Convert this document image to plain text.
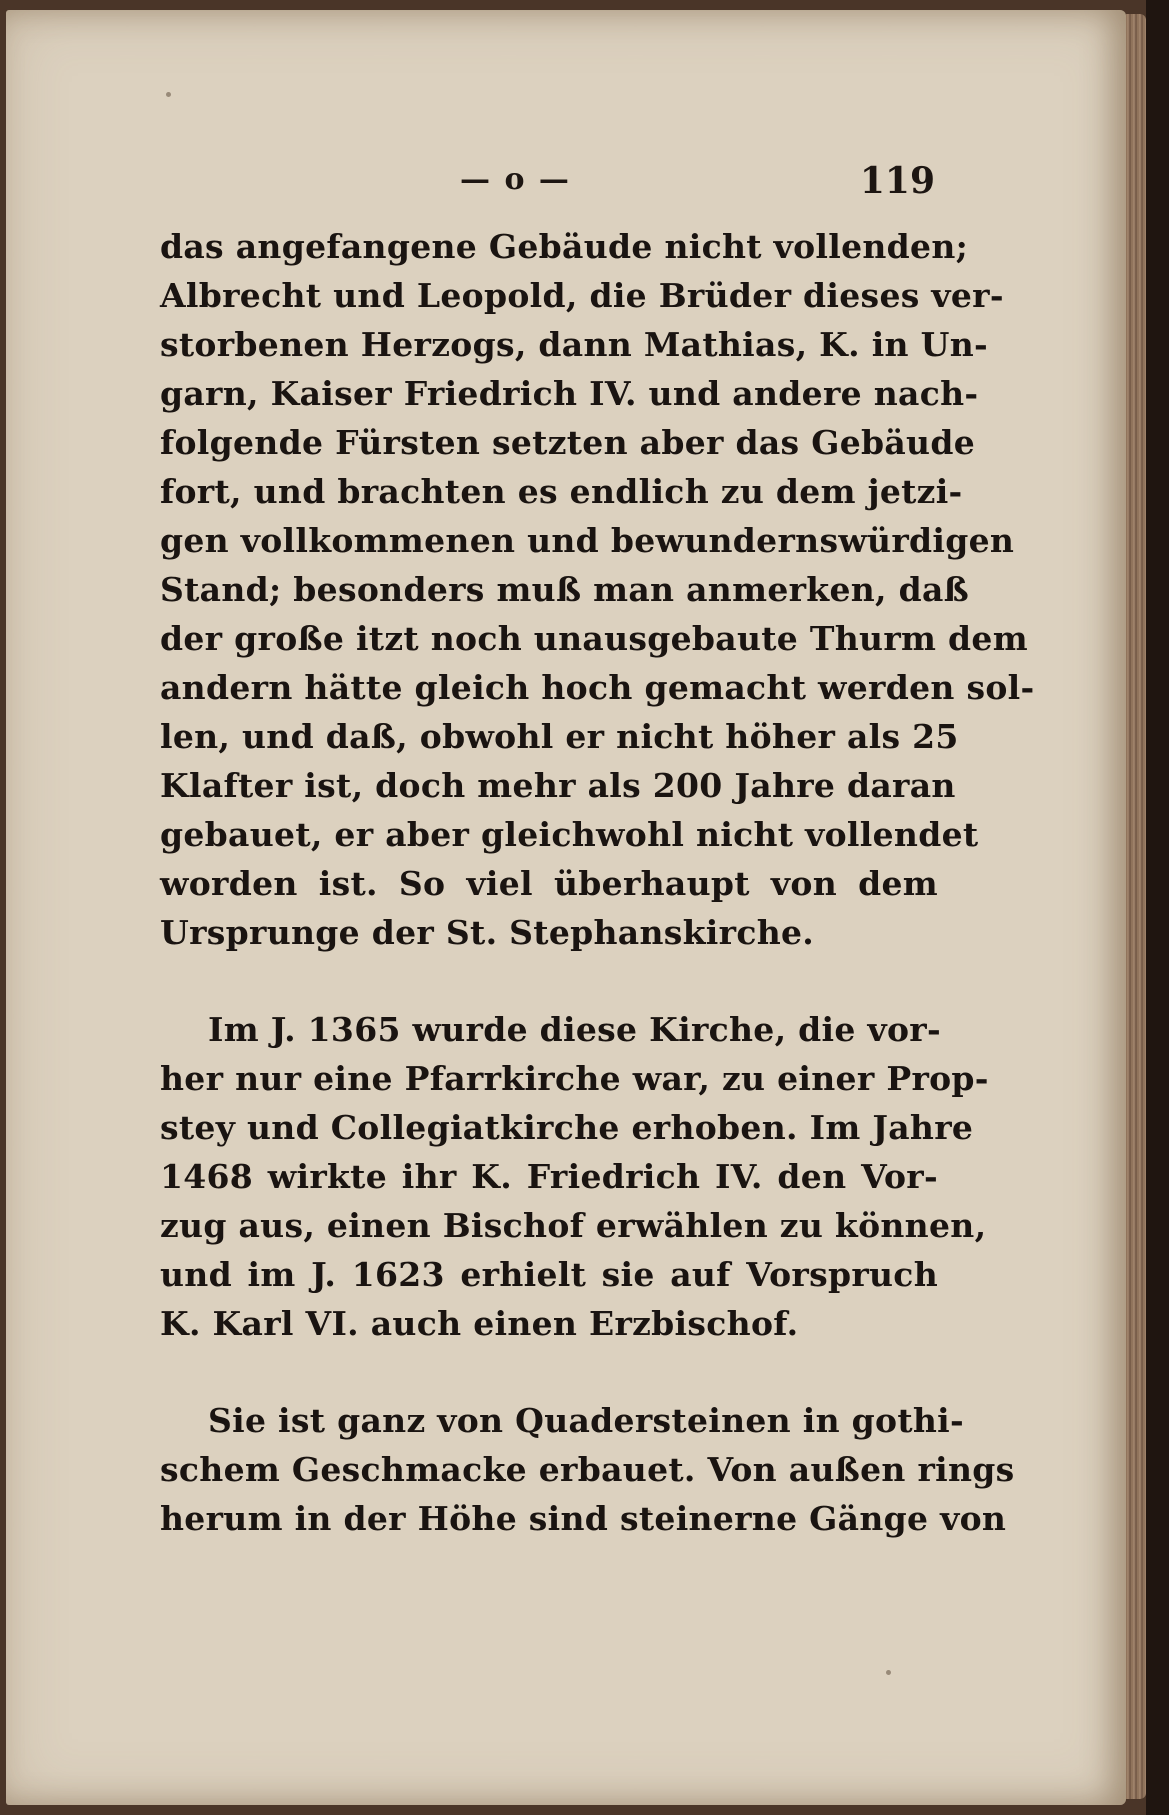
— o —	119
das angefangene Gebäude nicht vollenden;
Albrecht und Leopold, die Brüder dieses ver-
storbenen Herzogs, dann Mathias, K. in Un-
garn, Kaiser Friedrich IV. und andere nach-
folgende Fürsten setzten aber das Gebäude
fort, und brachten es endlich zu dem jetzi-
gen vollkommenen und bewundernswürdigen
Stand; besonders muß man anmerken, daß
der große itzt noch unausgebaute Thurm dem
andern hätte gleich hoch gemacht werden sol-
len, und daß, obwohl er nicht höher als 25
Klafter ist, doch mehr als 200 Jahre daran
gebauet, er aber gleichwohl nicht vollendet
worden ist. So viel überhaupt von dem
Ursprunge der St. Stephanskirche.
Im J. 1365 wurde diese Kirche, die vor-
her nur eine Pfarrkirche war, zu einer Prop-
stey und Collegiatkirche erhoben. Im Jahre
1468 wirkte ihr K. Friedrich IV. den Vor-
zug aus, einen Bischof erwählen zu können,
und im J. 1623 erhielt sie auf Vorspruch
K. Karl VI. auch einen Erzbischof.
Sie ist ganz von Quadersteinen in gothi-
schem Geschmacke erbauet. Von außen rings
herum in der Höhe sind steinerne Gänge von
